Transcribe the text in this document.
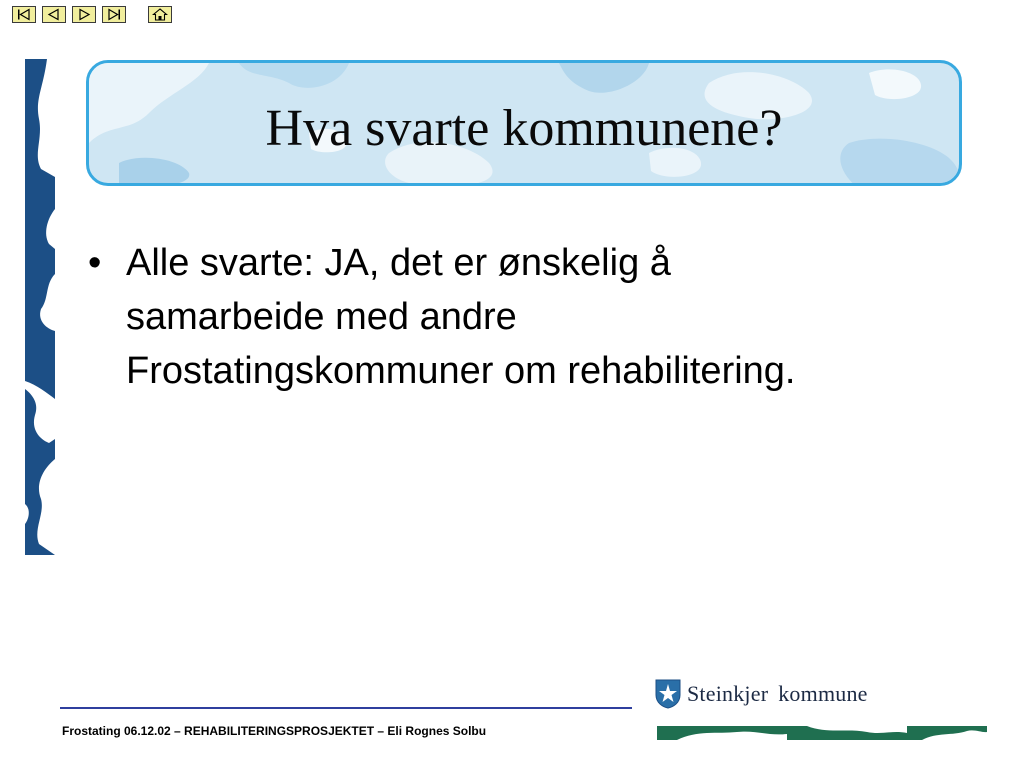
Hva svarte kommunene?
• Alle svarte: JA, det er ønskelig å
samarbeide med andre
Frostatingskommuner om rehabilitering.
Frostating 06.12.02 – REHABILITERINGSPROSJEKTET – Eli Rognes Solbu
Steinkjer kommune
